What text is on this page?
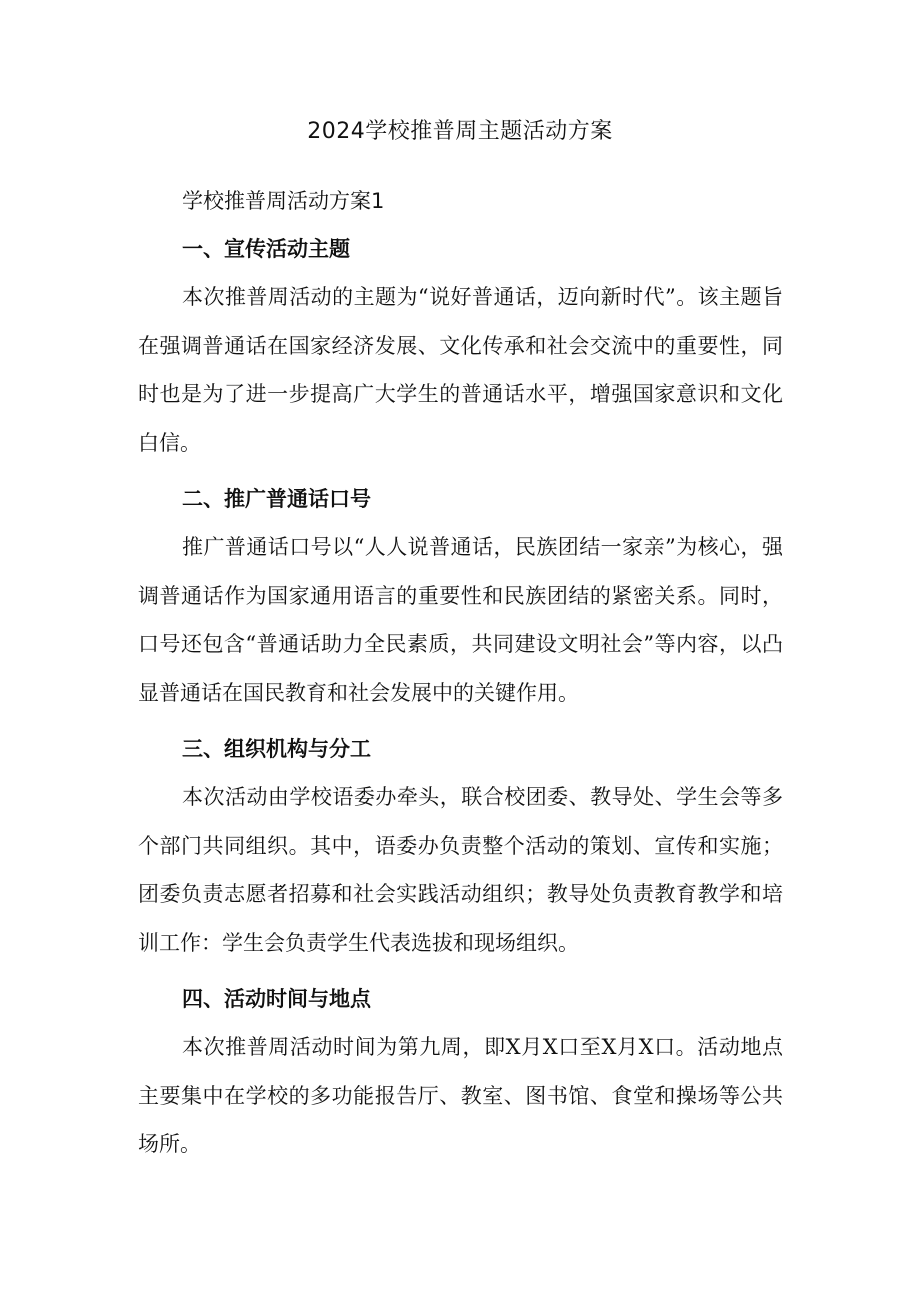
2024学校推普周主题活动方案

学校推普周活动方案1

一、宣传活动主题

本次推普周活动的主题为“说好普通话，迈向新时代”。该主题旨在强调普通话在国家经济发展、文化传承和社会交流中的重要性，同时也是为了进一步提高广大学生的普通话水平，增强国家意识和文化白信。

二、推广普通话口号

推广普通话口号以“人人说普通话，民族团结一家亲”为核心，强调普通话作为国家通用语言的重要性和民族团结的紧密关系。同时，口号还包含“普通话助力全民素质，共同建设文明社会”等内容，以凸显普通话在国民教育和社会发展中的关键作用。

三、组织机构与分工

本次活动由学校语委办牵头，联合校团委、教导处、学生会等多个部门共同组织。其中，语委办负责整个活动的策划、宣传和实施；团委负责志愿者招募和社会实践活动组织；教导处负责教育教学和培训工作：学生会负责学生代表选拔和现场组织。

四、活动时间与地点

本次推普周活动时间为第九周，即X月X口至X月X口。活动地点主要集中在学校的多功能报告厅、教室、图书馆、食堂和操场等公共场所。
